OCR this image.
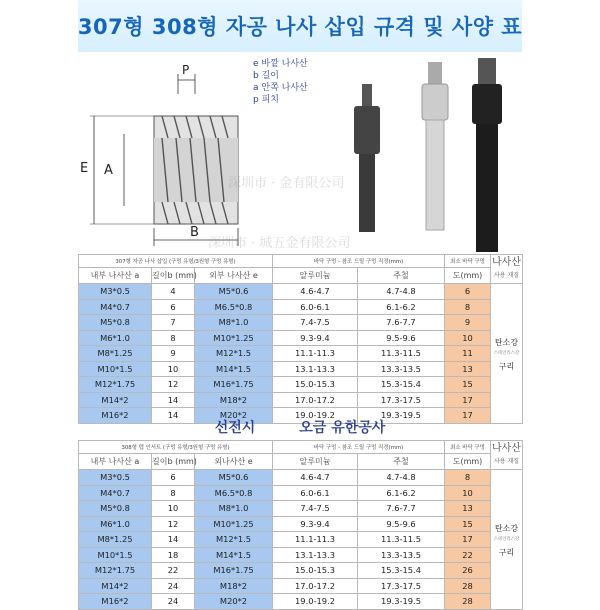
307형 308형 자공 나사 삽입 규격 및 사양 표
P
E A
B
e 바깥 나사산
b 길이
a 안쪽 나사산
p 피치
深圳市 · 金有限公司
深圳市 · 城五金有限公司
307형 자공 나사 삽입 (구멍 유형/3원형 구멍 유형)			바닥 구멍 - 참조 드릴 구멍 직경(mm)		최소 바닥 구멍	나사산
사용 재질
내부 나사산 a	길이b (mm)	외부 나사산 e	알루미늄	주철	도(mm)	
M3*0.5	4	M5*0.6	4.6-4.7	4.7-4.8	6	탄소강
스테인리스강
구리

M4*0.7	6	M6.5*0.8	6.0-6.1	6.1-6.2	8	
M5*0.8	7	M8*1.0	7.4-7.5	7.6-7.7	9	
M6*1.0	8	M10*1.25	9.3-9.4	9.5-9.6	10	
M8*1.25	9	M12*1.5	11.1-11.3	11.3-11.5	11	
M10*1.5	10	M14*1.5	13.1-13.3	13.3-13.5	13	
M12*1.75	12	M16*1.75	15.0-15.3	15.3-15.4	15	
M14*2	14	M18*2	17.0-17.2	17.3-17.5	17	
M16*2	14	M20*2	19.0-19.2	19.3-19.5	17	
선전시	오금 유한공사
308형 탭 인서트 (구멍 유형/3원형 구멍 유형)			바닥 구멍 - 참조 드릴 구멍 직경(mm)		최소 바닥 구멍	나사산
사용 재질
내부 나사산 a	길이b (mm)	외나사산 e	알루미늄	주철	도(mm)	
M3*0.5	6	M5*0.6	4.6-4.7	4.7-4.8	8	탄소강
스테인리스강
구리

M4*0.7	8	M6.5*0.8	6.0-6.1	6.1-6.2	10	
M5*0.8	10	M8*1.0	7.4-7.5	7.6-7.7	13	
M6*1.0	12	M10*1.25	9.3-9.4	9.5-9.6	15	
M8*1.25	14	M12*1.5	11.1-11.3	11.3-11.5	17	
M10*1.5	18	M14*1.5	13.1-13.3	13.3-13.5	22	
M12*1.75	22	M16*1.75	15.0-15.3	15.3-15.4	26	
M14*2	24	M18*2	17.0-17.2	17.3-17.5	28	
M16*2	24	M20*2	19.0-19.2	19.3-19.5	28	
